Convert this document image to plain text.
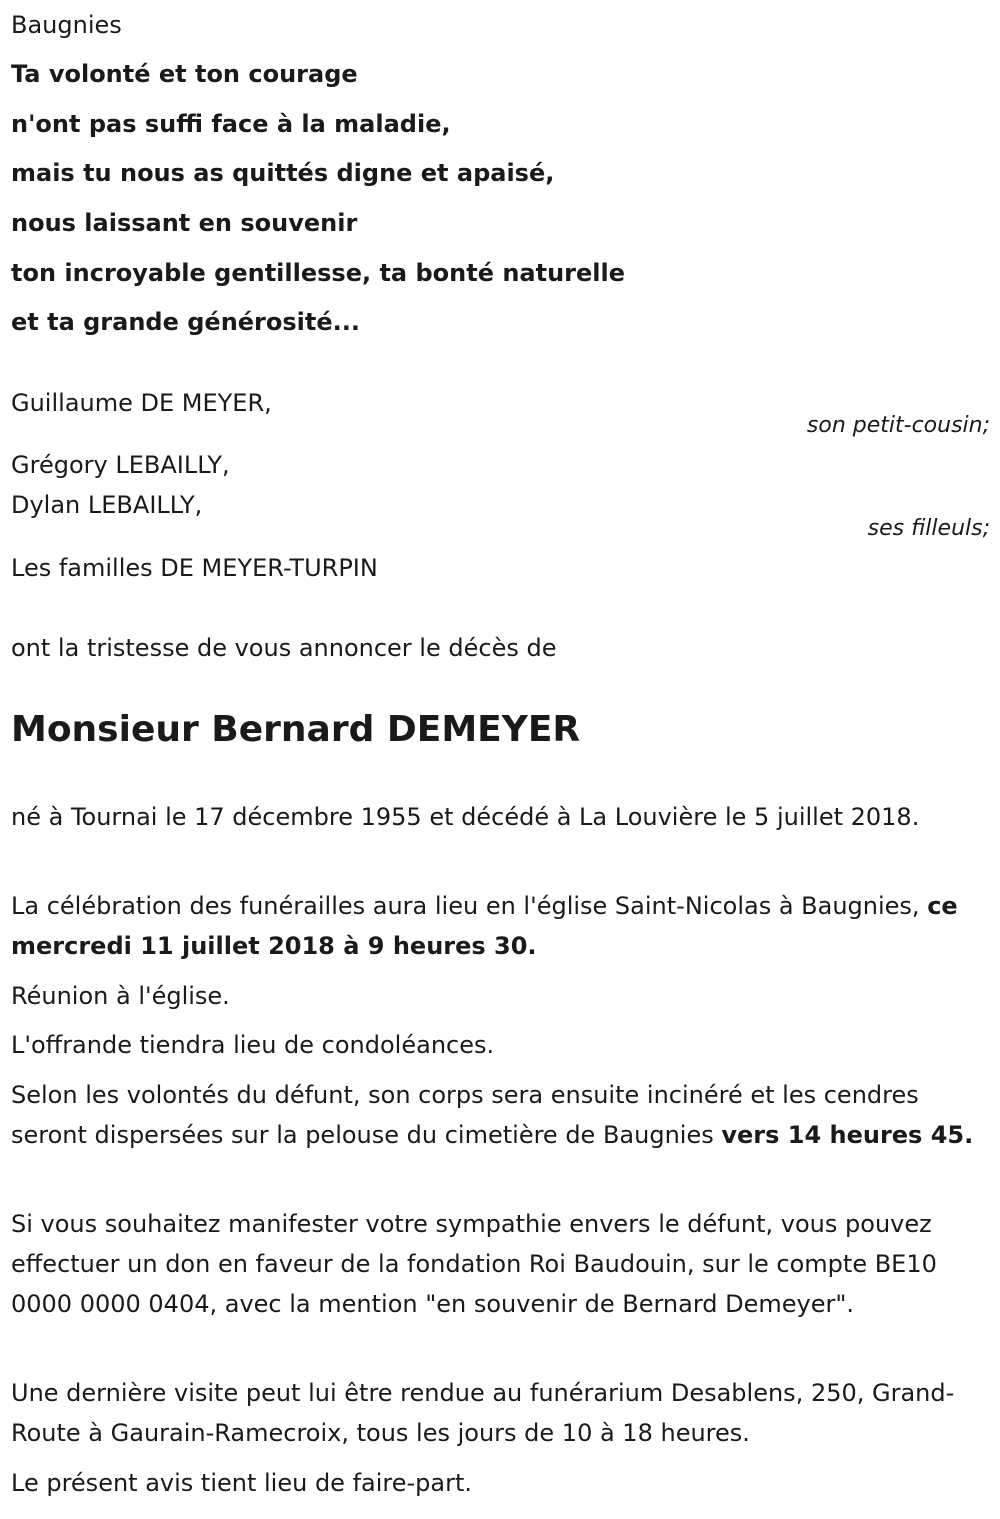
Baugnies
Ta volonté et ton courage
n'ont pas suffi face à la maladie,
mais tu nous as quittés digne et apaisé,
nous laissant en souvenir
ton incroyable gentillesse, ta bonté naturelle
et ta grande générosité...
Guillaume DE MEYER,
son petit-cousin;
Grégory LEBAILLY,
Dylan LEBAILLY,
ses filleuls;
Les familles DE MEYER-TURPIN
ont la tristesse de vous annoncer le décès de
Monsieur Bernard DEMEYER
né à Tournai le 17 décembre 1955 et décédé à La Louvière le 5 juillet 2018.
La célébration des funérailles aura lieu en l'église Saint-Nicolas à Baugnies, ce mercredi 11 juillet 2018 à 9 heures 30.
Réunion à l'église.
L'offrande tiendra lieu de condoléances.
Selon les volontés du défunt, son corps sera ensuite incinéré et les cendres seront dispersées sur la pelouse du cimetière de Baugnies vers 14 heures 45.
Si vous souhaitez manifester votre sympathie envers le défunt, vous pouvez effectuer un don en faveur de la fondation Roi Baudouin, sur le compte BE10 0000 0000 0404, avec la mention "en souvenir de Bernard Demeyer".
Une dernière visite peut lui être rendue au funérarium Desablens, 250, Grand-Route à Gaurain-Ramecroix, tous les jours de 10 à 18 heures.
Le présent avis tient lieu de faire-part.
